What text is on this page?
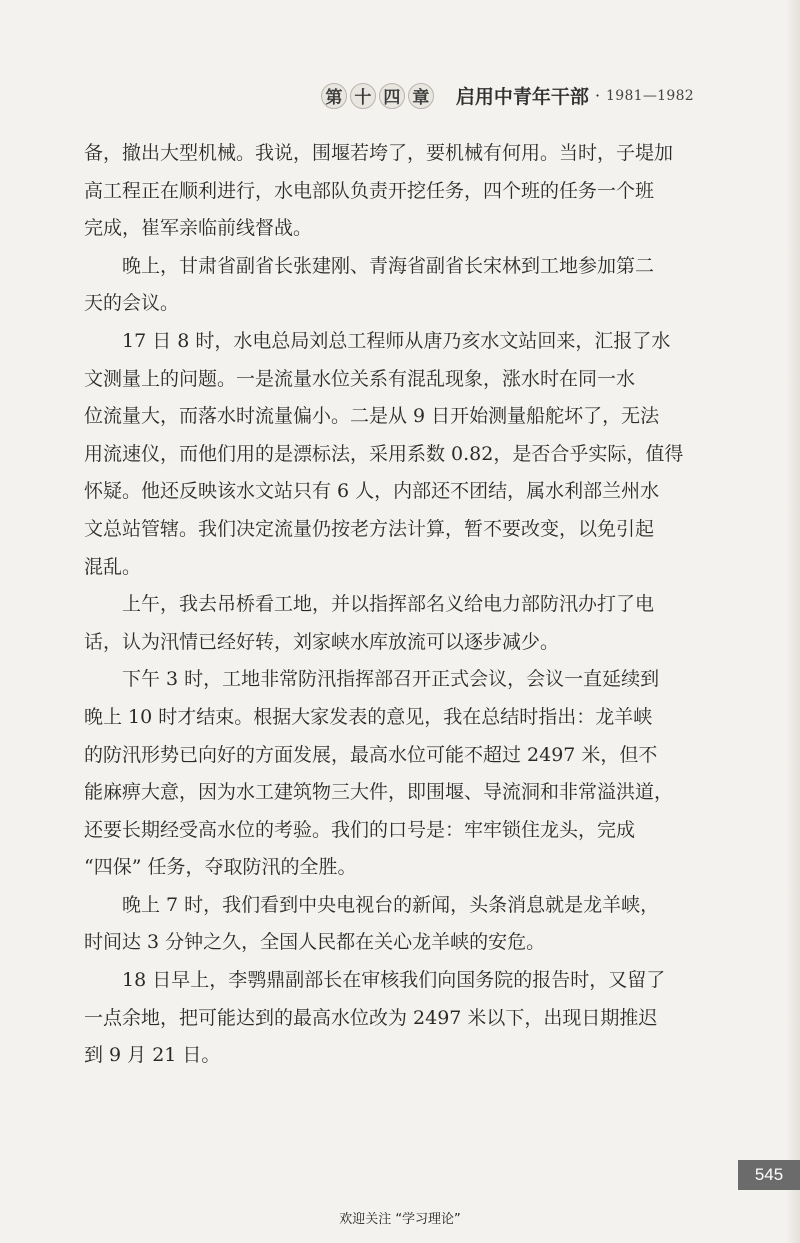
第 十 四 章 启用中青年干部 · 1981—1982
备，撤出大型机械。我说，围堰若垮了，要机械有何用。当时，子堤加
高工程正在顺利进行，水电部队负责开挖任务，四个班的任务一个班
完成，崔军亲临前线督战。
晚上，甘肃省副省长张建刚、青海省副省长宋林到工地参加第二
天的会议。
17 日 8 时，水电总局刘总工程师从唐乃亥水文站回来，汇报了水
文测量上的问题。一是流量水位关系有混乱现象，涨水时在同一水
位流量大，而落水时流量偏小。二是从 9 日开始测量船舵坏了，无法
用流速仪，而他们用的是漂标法，采用系数 0.82，是否合乎实际，值得
怀疑。他还反映该水文站只有 6 人，内部还不团结，属水利部兰州水
文总站管辖。我们决定流量仍按老方法计算，暂不要改变，以免引起
混乱。
上午，我去吊桥看工地，并以指挥部名义给电力部防汛办打了电
话，认为汛情已经好转，刘家峡水库放流可以逐步减少。
下午 3 时，工地非常防汛指挥部召开正式会议，会议一直延续到
晚上 10 时才结束。根据大家发表的意见，我在总结时指出：龙羊峡
的防汛形势已向好的方面发展，最高水位可能不超过 2497 米，但不
能麻痹大意，因为水工建筑物三大件，即围堰、导流洞和非常溢洪道，
还要长期经受高水位的考验。我们的口号是：牢牢锁住龙头，完成
“四保” 任务，夺取防汛的全胜。
晚上 7 时，我们看到中央电视台的新闻，头条消息就是龙羊峡，
时间达 3 分钟之久，全国人民都在关心龙羊峡的安危。
18 日早上，李鹗鼎副部长在审核我们向国务院的报告时，又留了
一点余地，把可能达到的最高水位改为 2497 米以下，出现日期推迟
到 9 月 21 日。
545
欢迎关注 “学习理论”
